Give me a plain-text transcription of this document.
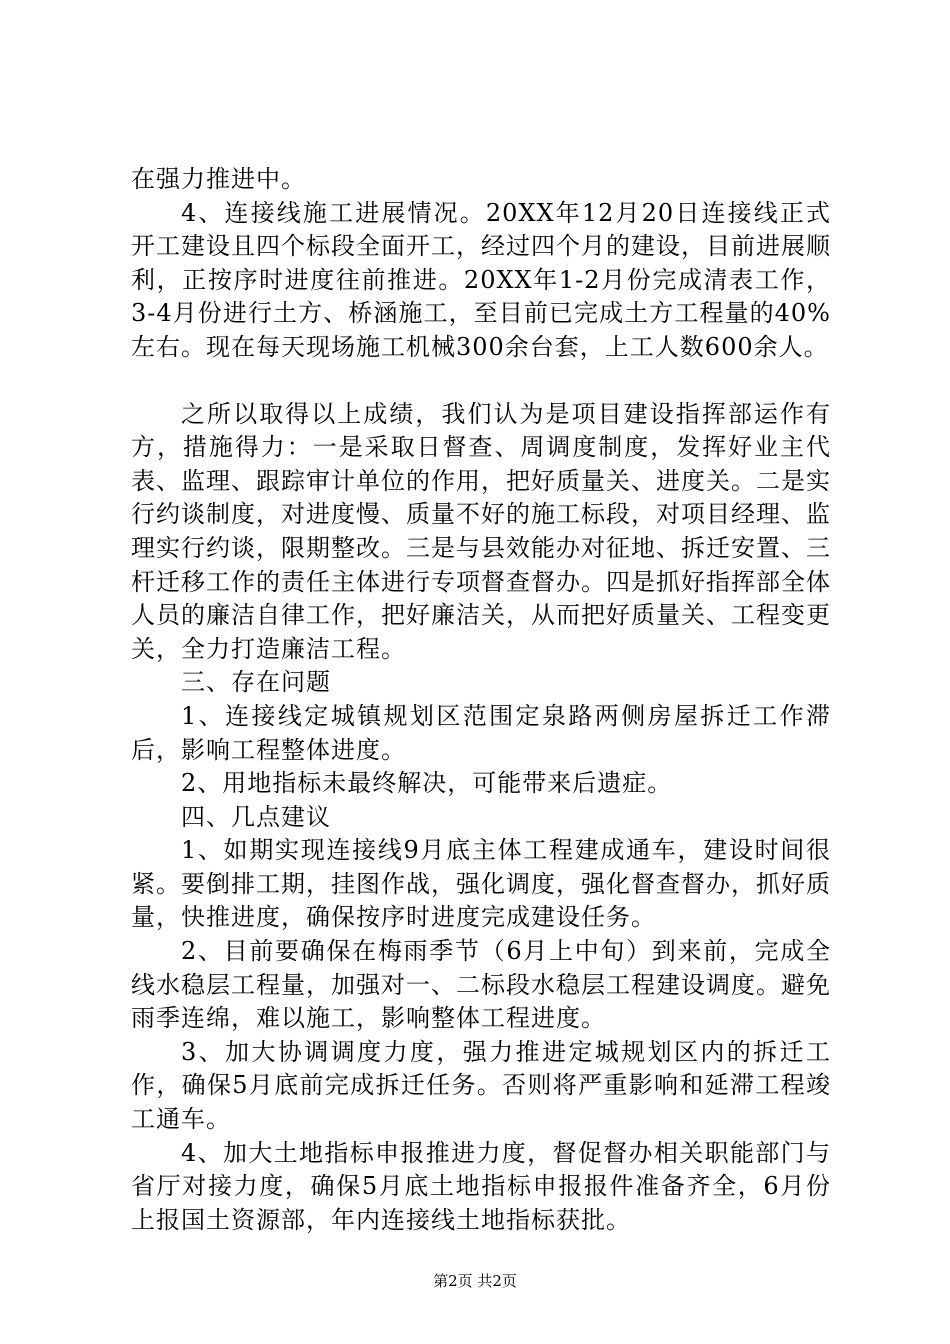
在强力推进中。

4、连接线施工进展情况。20XX年12月20日连接线正式开工建设且四个标段全面开工，经过四个月的建设，目前进展顺利，正按序时进度往前推进。20XX年1-2月份完成清表工作，3-4月份进行土方、桥涵施工，至目前已完成土方工程量的40%左右。现在每天现场施工机械300余台套，上工人数600余人。

之所以取得以上成绩，我们认为是项目建设指挥部运作有方，措施得力：一是采取日督查、周调度制度，发挥好业主代表、监理、跟踪审计单位的作用，把好质量关、进度关。二是实行约谈制度，对进度慢、质量不好的施工标段，对项目经理、监理实行约谈，限期整改。三是与县效能办对征地、拆迁安置、三杆迁移工作的责任主体进行专项督查督办。四是抓好指挥部全体人员的廉洁自律工作，把好廉洁关，从而把好质量关、工程变更关，全力打造廉洁工程。

三、存在问题

1、连接线定城镇规划区范围定泉路两侧房屋拆迁工作滞后，影响工程整体进度。

2、用地指标未最终解决，可能带来后遗症。

四、几点建议

1、如期实现连接线9月底主体工程建成通车，建设时间很紧。要倒排工期，挂图作战，强化调度，强化督查督办，抓好质量，快推进度，确保按序时进度完成建设任务。

2、目前要确保在梅雨季节（6月上中旬）到来前，完成全线水稳层工程量，加强对一、二标段水稳层工程建设调度。避免雨季连绵，难以施工，影响整体工程进度。

3、加大协调调度力度，强力推进定城规划区内的拆迁工作，确保5月底前完成拆迁任务。否则将严重影响和延滞工程竣工通车。

4、加大土地指标申报推进力度，督促督办相关职能部门与省厅对接力度，确保5月底土地指标申报报件准备齐全，6月份上报国土资源部，年内连接线土地指标获批。

第2页 共2页
